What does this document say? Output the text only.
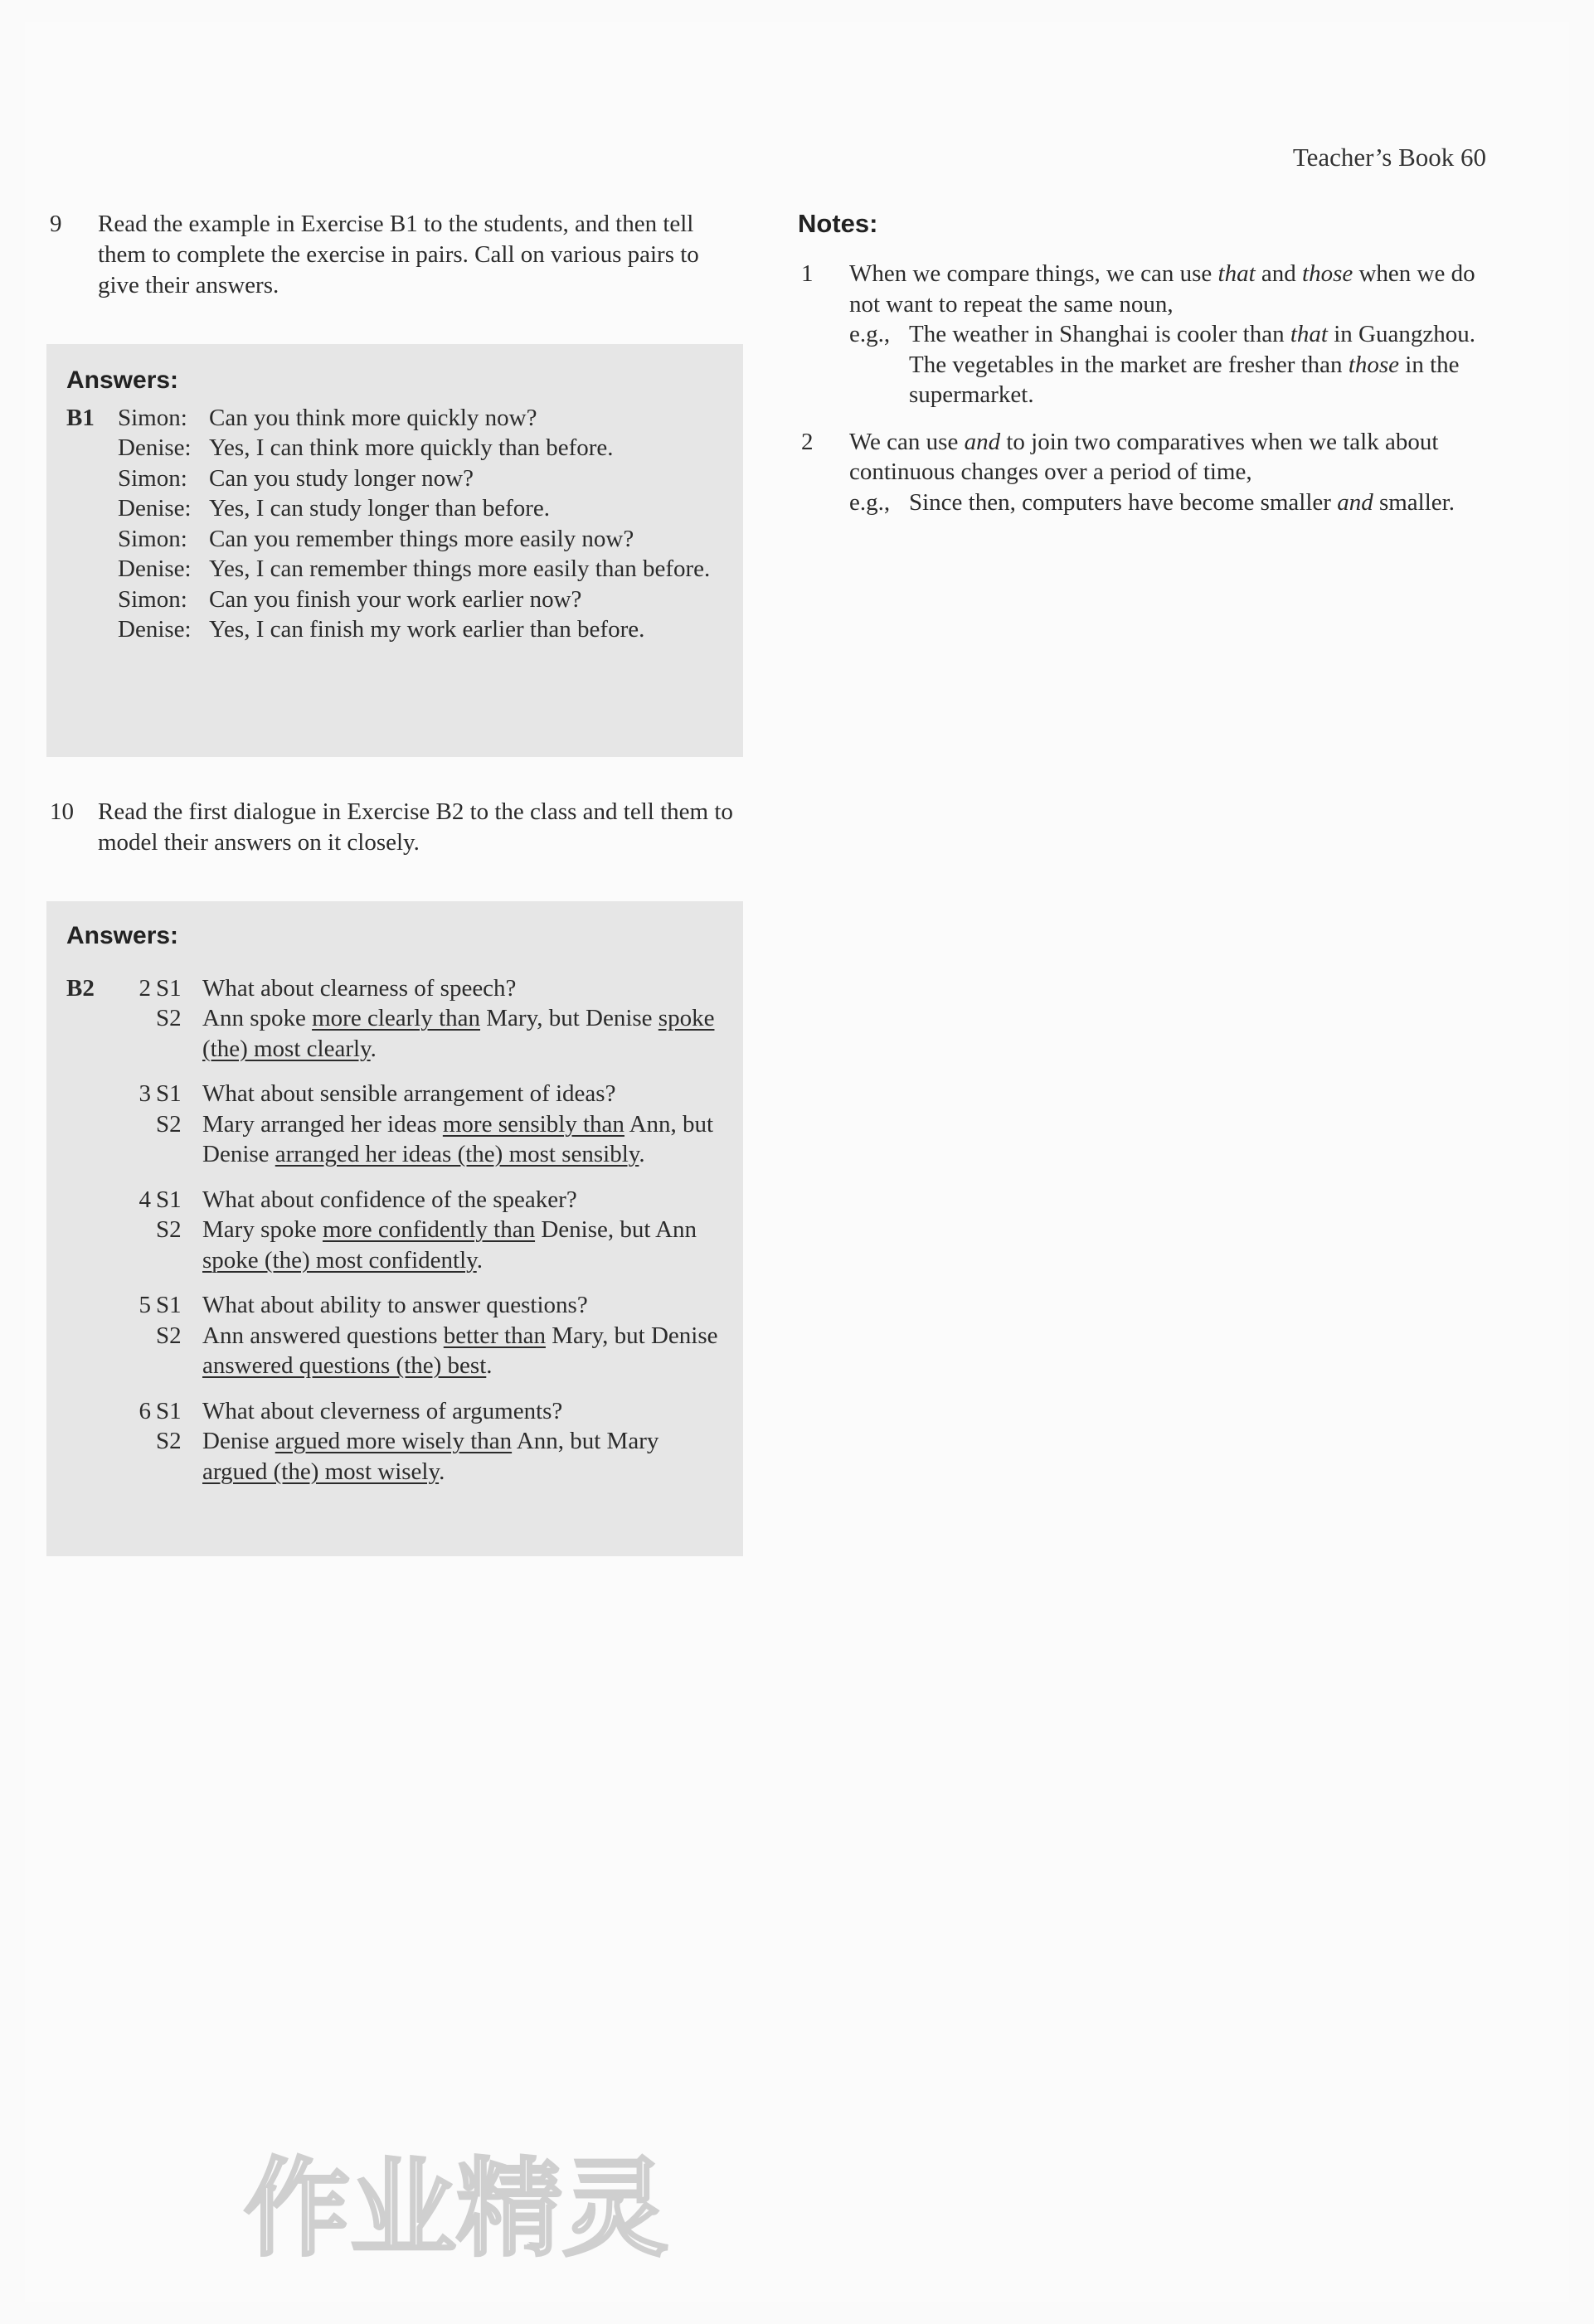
Teacher’s Book 60
9 Read the example in Exercise B1 to the students, and then tell them to complete the exercise in pairs. Call on various pairs to give their answers.
Answers:
B1 Simon: Can you think more quickly now?
Denise: Yes, I can think more quickly than before.
Simon: Can you study longer now?
Denise: Yes, I can study longer than before.
Simon: Can you remember things more easily now?
Denise: Yes, I can remember things more easily than before.
Simon: Can you finish your work earlier now?
Denise: Yes, I can finish my work earlier than before.
10 Read the first dialogue in Exercise B2 to the class and tell them to model their answers on it closely.
Answers:
B2	2 S1 What about clearness of speech?
S2 Ann spoke more clearly than Mary, but Denise spoke (the) most clearly.
3 S1 What about sensible arrangement of ideas?
S2 Mary arranged her ideas more sensibly than Ann, but Denise arranged her ideas (the) most sensibly.
4 S1 What about confidence of the speaker?
S2 Mary spoke more confidently than Denise, but Ann spoke (the) most confidently.
5 S1 What about ability to answer questions?
S2 Ann answered questions better than Mary, but Denise answered questions (the) best.
6 S1 What about cleverness of arguments?
S2 Denise argued more wisely than Ann, but Mary argued (the) most wisely.
Notes:
1 When we compare things, we can use that and those when we do not want to repeat the same noun,
e.g., The weather in Shanghai is cooler than that in Guangzhou.
The vegetables in the market are fresher than those in the supermarket.
2 We can use and to join two comparatives when we talk about continuous changes over a period of time,
e.g., Since then, computers have become smaller and smaller.
作业精灵
